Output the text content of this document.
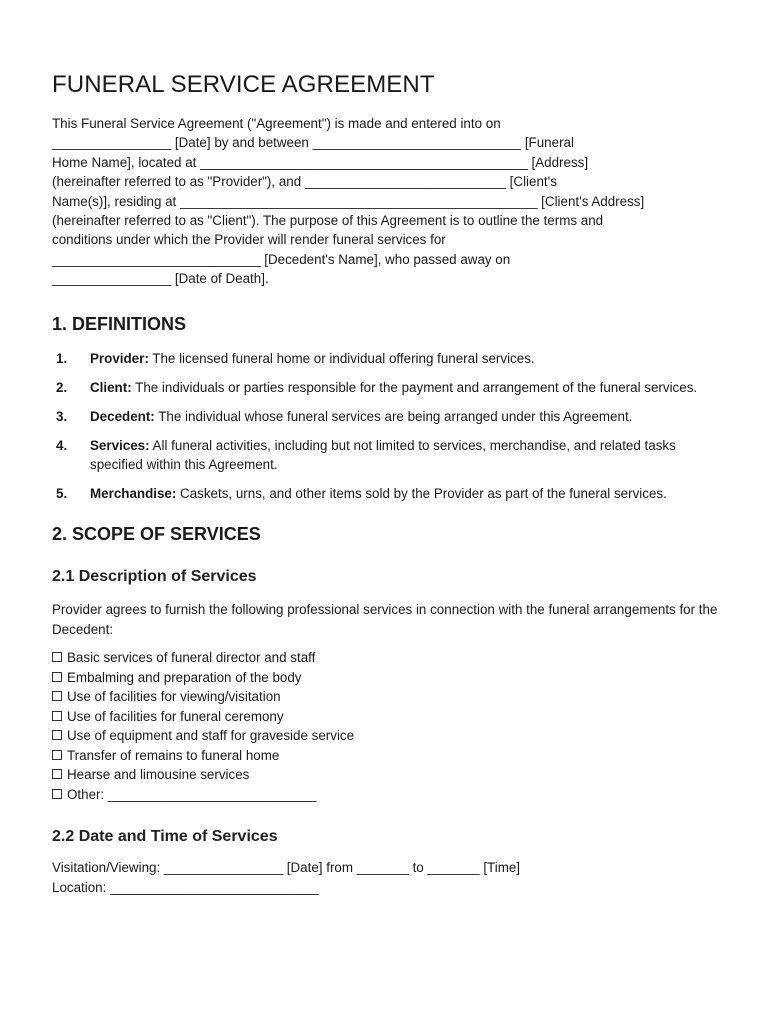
FUNERAL SERVICE AGREEMENT

This Funeral Service Agreement ("Agreement") is made and entered into on
________________ [Date] by and between ____________________________ [Funeral
Home Name], located at ____________________________________________ [Address]
(hereinafter referred to as "Provider"), and ___________________________ [Client's
Name(s)], residing at ________________________________________________ [Client's Address]
(hereinafter referred to as "Client"). The purpose of this Agreement is to outline the terms and
conditions under which the Provider will render funeral services for
____________________________ [Decedent's Name], who passed away on
________________ [Date of Death].

1. DEFINITIONS
1.	Provider: The licensed funeral home or individual offering funeral services.
2.	Client: The individuals or parties responsible for the payment and arrangement of the funeral services.
3.	Decedent: The individual whose funeral services are being arranged under this Agreement.
4.	Services: All funeral activities, including but not limited to services, merchandise, and related tasks specified within this Agreement.
5.	Merchandise: Caskets, urns, and other items sold by the Provider as part of the funeral services.
2. SCOPE OF SERVICES
2.1 Description of Services

Provider agrees to furnish the following professional services in connection with the funeral arrangements for the Decedent:

Basic services of funeral director and staff
Embalming and preparation of the body
Use of facilities for viewing/visitation
Use of facilities for funeral ceremony
Use of equipment and staff for graveside service
Transfer of remains to funeral home
Hearse and limousine services
Other: ____________________________
2.2 Date and Time of Services

Visitation/Viewing: ________________ [Date] from _______ to _______ [Time]

Location: ____________________________
